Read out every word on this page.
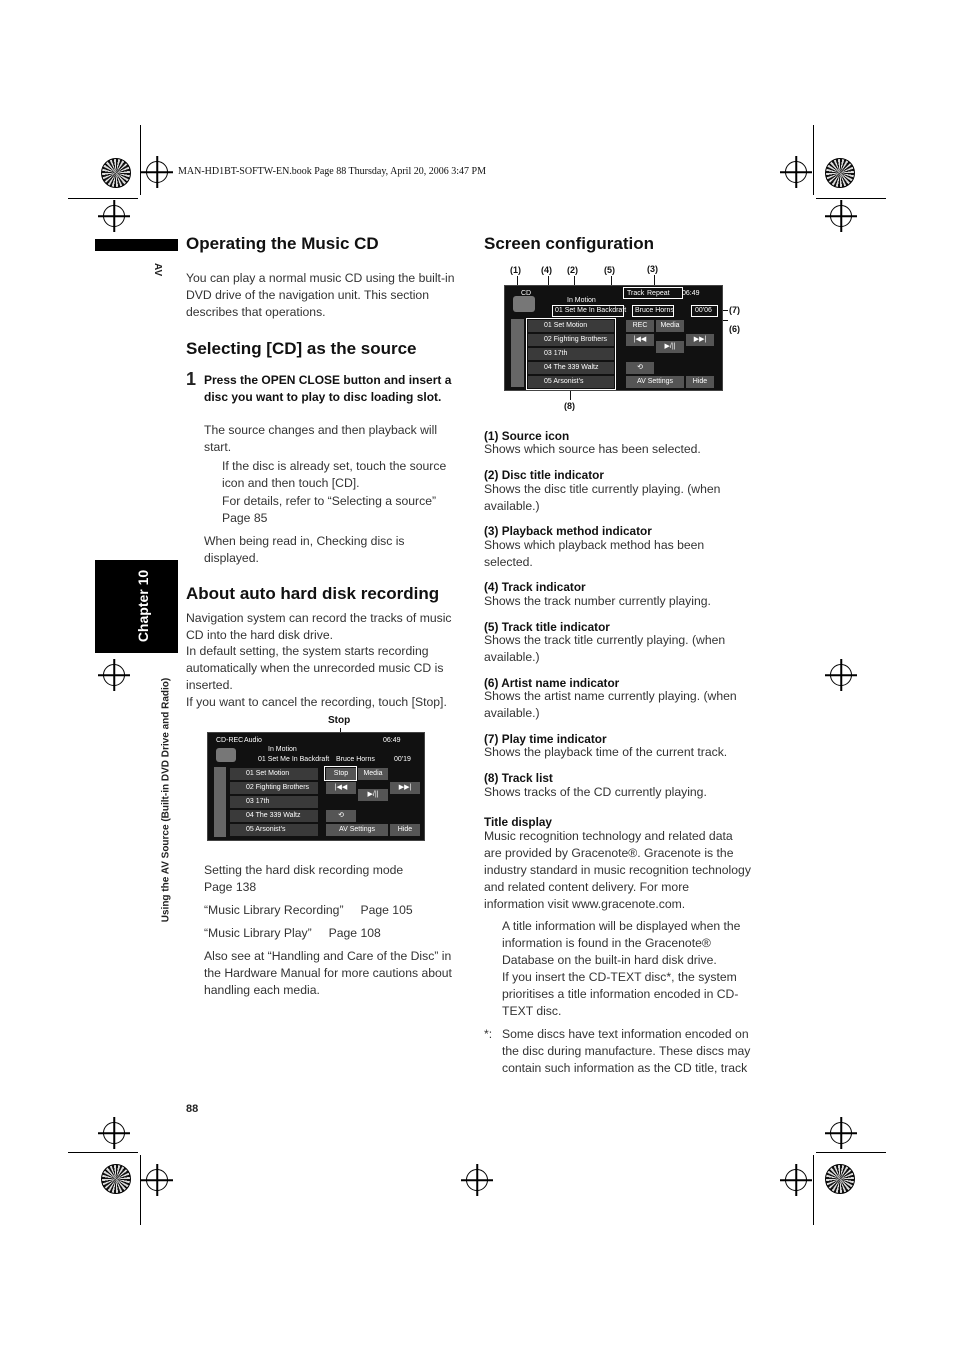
MAN-HD1BT-SOFTW-EN.book Page 88 Thursday, April 20, 2006 3:47 PM
AV
Chapter 10
Using the AV Source (Built-in DVD Drive and Radio)
88
Operating the Music CD
You can play a normal music CD using the built-in DVD drive of the navigation unit. This section describes that operations.
Selecting [CD] as the source
1 Press the OPEN CLOSE button and insert a disc you want to play to disc loading slot.
The source changes and then playback will start.
If the disc is already set, touch the source icon and then touch [CD].
For details, refer to “Selecting a source” Page 85
When being read in, Checking disc is displayed.
About auto hard disk recording
Navigation system can record the tracks of music CD into the hard disk drive.
In default setting, the system starts recording automatically when the unrecorded music CD is inserted.
If you want to cancel the recording, touch [Stop].
Stop
CD-REC Audio	06:49
In Motion
01 Set Me In Backdraft Bruce Horns	00'19
01 Set Motion
02 Fighting Brothers
03 17th
04 The 339 Waltz
05 Arsonist's
Stop	Media
|◀◀
▶/||
▶▶|
⟲
AV Settings	Hide
Setting the hard disk recording mode Page 138
“Music Library Recording”     Page 105
“Music Library Play”     Page 108
Also see at “Handling and Care of the Disc” in the Hardware Manual for more cautions about handling each media.
Screen configuration
(1) (4) (2)	(5)	(3)
(7)
(6)
(8)
CD
In Motion
01 Set Me In Backdraft
Track Repeat 06:49
Bruce Horns	00'06
01 Set Motion
02 Fighting Brothers
03 17th
04 The 339 Waltz
05 Arsonist's
REC	Media
|◀◀
▶/||
▶▶|
⟲
AV Settings	Hide
(1) Source icon
Shows which source has been selected.
(2) Disc title indicator
Shows the disc title currently playing. (when available.)
(3) Playback method indicator
Shows which playback method has been selected.
(4) Track indicator
Shows the track number currently playing.
(5) Track title indicator
Shows the track title currently playing. (when available.)
(6) Artist name indicator
Shows the artist name currently playing. (when available.)
(7) Play time indicator
Shows the playback time of the current track.
(8) Track list
Shows tracks of the CD currently playing.
Title display
Music recognition technology and related data are provided by Gracenote®. Gracenote is the industry standard in music recognition technology and related content delivery. For more information visit www.gracenote.com.
A title information will be displayed when the information is found in the Gracenote® Database on the built-in hard disk drive.
If you insert the CD-TEXT disc*, the system prioritises a title information encoded in CD-TEXT disc.
*: Some discs have text information encoded on the disc during manufacture. These discs may contain such information as the CD title, track
